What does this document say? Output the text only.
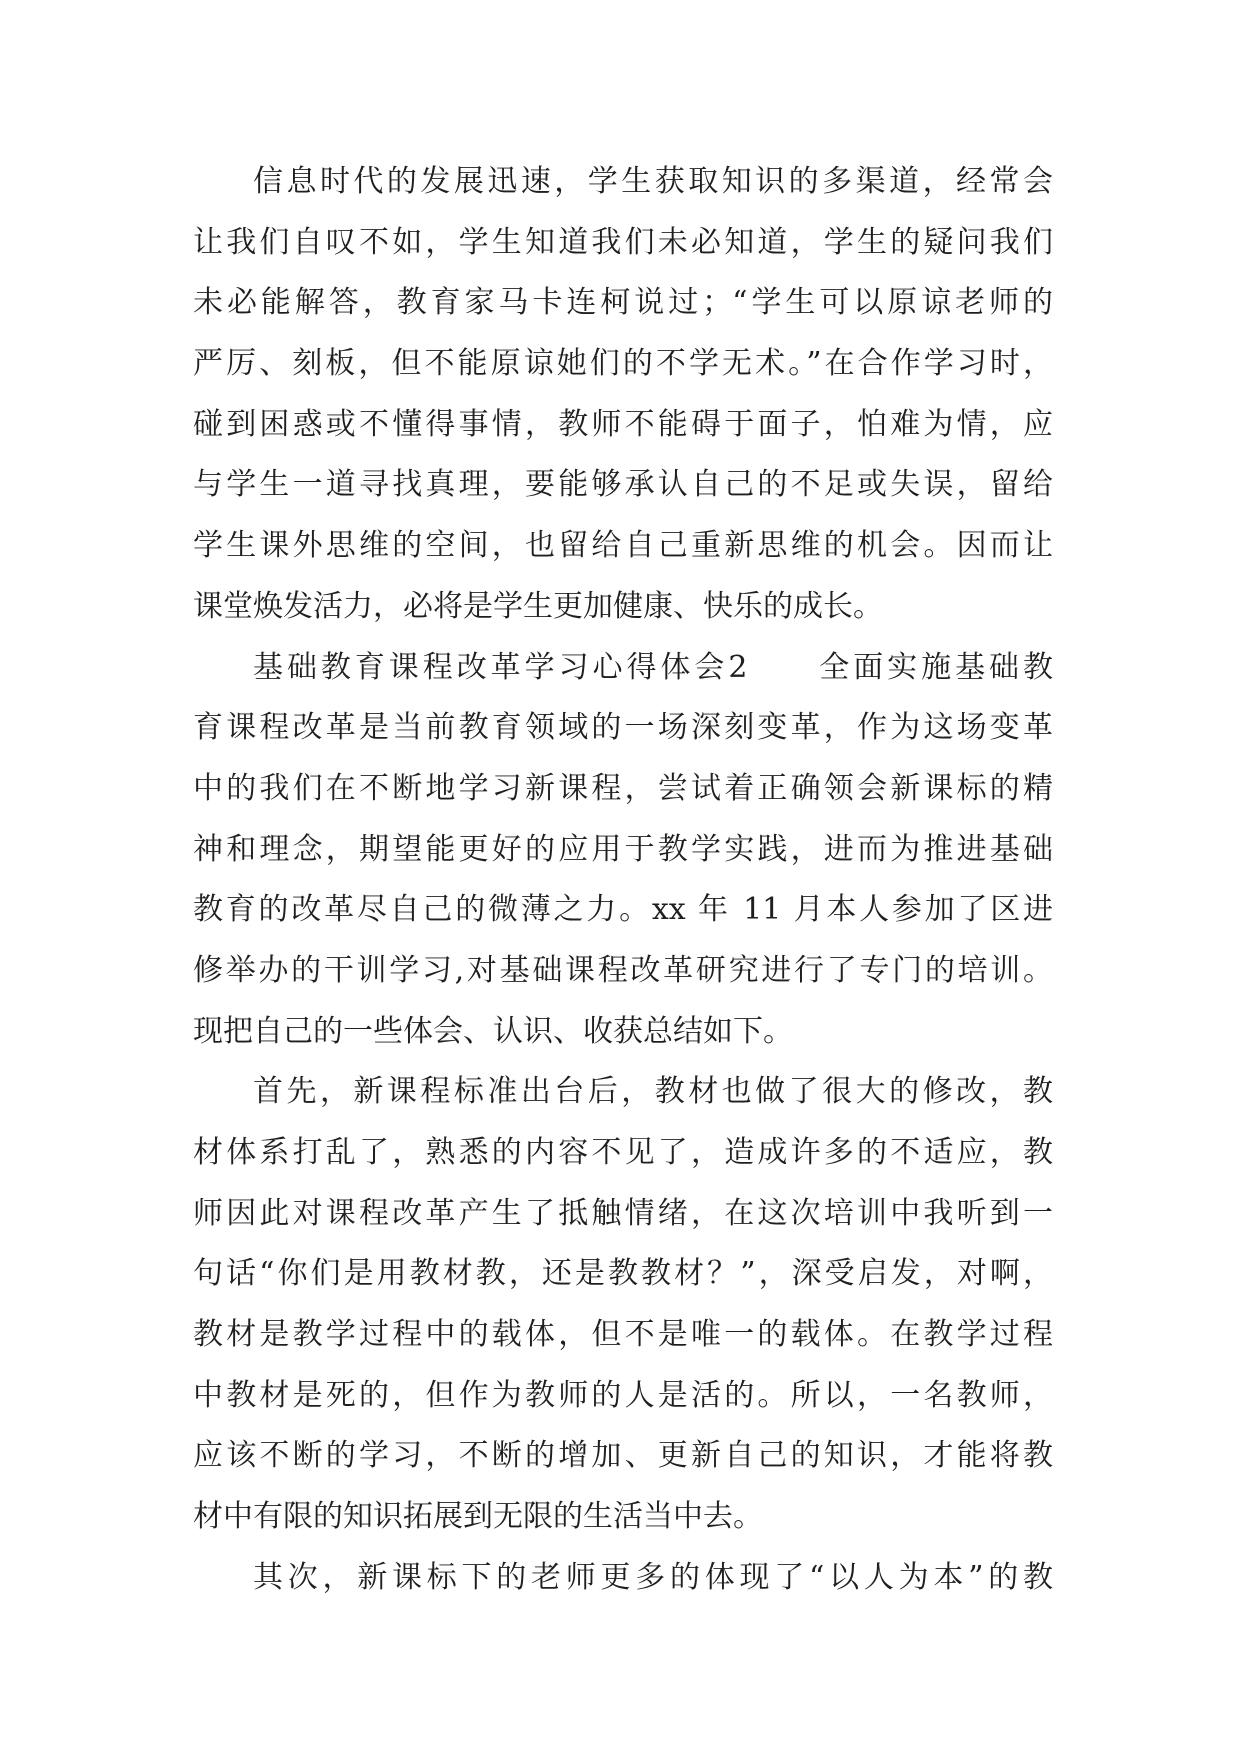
信息时代的发展迅速，学生获取知识的多渠道，经常会
让我们自叹不如，学生知道我们未必知道，学生的疑问我们
未必能解答，教育家马卡连柯说过；“学生可以原谅老师的
严厉、刻板，但不能原谅她们的不学无术。”在合作学习时，
碰到困惑或不懂得事情，教师不能碍于面子，怕难为情，应
与学生一道寻找真理，要能够承认自己的不足或失误，留给
学生课外思维的空间，也留给自己重新思维的机会。因而让
课堂焕发活力，必将是学生更加健康、快乐的成长。
基础教育课程改革学习心得体会2　　全面实施基础教
育课程改革是当前教育领域的一场深刻变革，作为这场变革
中的我们在不断地学习新课程，尝试着正确领会新课标的精
神和理念，期望能更好的应用于教学实践，进而为推进基础
教育的改革尽自己的微薄之力。xx 年 11 月本人参加了区进
修举办的干训学习,对基础课程改革研究进行了专门的培训。
现把自己的一些体会、认识、收获总结如下。
首先，新课程标准出台后，教材也做了很大的修改，教
材体系打乱了，熟悉的内容不见了，造成许多的不适应，教
师因此对课程改革产生了抵触情绪，在这次培训中我听到一
句话“你们是用教材教，还是教教材？”，深受启发，对啊，
教材是教学过程中的载体，但不是唯一的载体。在教学过程
中教材是死的，但作为教师的人是活的。所以，一名教师，
应该不断的学习，不断的增加、更新自己的知识，才能将教
材中有限的知识拓展到无限的生活当中去。
其次，新课标下的老师更多的体现了“以人为本”的教
